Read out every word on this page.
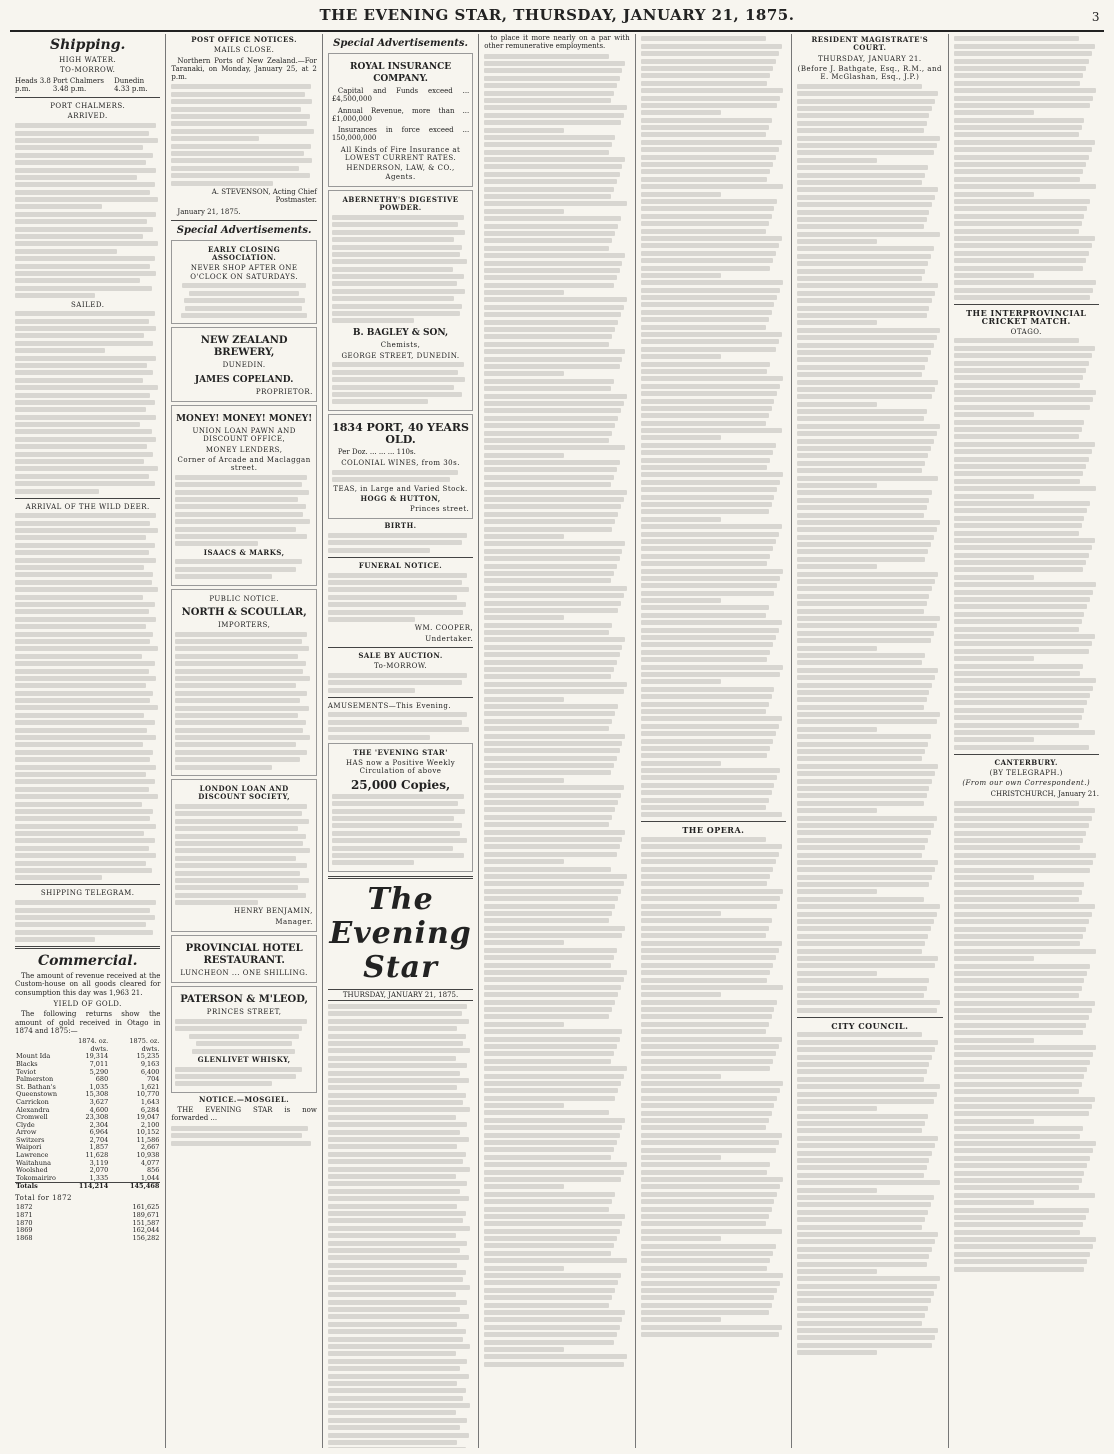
THE EVENING STAR, THURSDAY, JANUARY 21, 1875.	3
Shipping.
HIGH WATER.
TO-MORROW.
Heads 3.8 p.m.
Port Chalmers 3.48 p.m.
Dunedin 4.33 p.m.
PORT CHALMERS.
ARRIVED.
SAILED.
ARRIVAL OF THE WILD DEER.
SHIPPING TELEGRAM.
Commercial.
The amount of revenue received at the Custom-house on all goods cleared for consumption this day was 1,963 21.
YIELD OF GOLD.
The following returns show the amount of gold received in Otago in 1874 and 1875:—
	1874. oz. dwts.	1875. oz. dwts.
Mount Ida	19,314	15,235
Blacks	7,011	9,163
Teviot	5,290	6,400
Palmerston	680	704
St. Bathan's	1,035	1,621
Queenstown	15,308	10,770
Carrickon	3,627	1,643
Alexandra	4,600	6,284
Cromwell	23,308	19,047
Clyde	2,304	2,100
Arrow	6,964	10,152
Switzers	2,704	11,586
Waipori	1,857	2,667
Lawrence	11,628	10,938
Waitahuna	3,119	4,077
Woolshed	2,070	856
Tokomairiro	1,335	1,044
Totals	114,214	145,468
Total for 1872
1872	161,625
1871	189,671
1870	151,587
1869	162,044
1868	156,282
POST OFFICE NOTICES.
MAILS CLOSE.
Northern Ports of New Zealand.—For Taranaki, on Monday, January 25, at 2 p.m.
A. STEVENSON, Acting Chief Postmaster.
January 21, 1875.
Special Advertisements.
EARLY CLOSING ASSOCIATION.
NEVER SHOP AFTER ONE O'CLOCK ON SATURDAYS.
NEW ZEALAND BREWERY,
DUNEDIN.
JAMES COPELAND.
PROPRIETOR.
MONEY! MONEY! MONEY!
UNION LOAN PAWN AND DISCOUNT OFFICE,
MONEY LENDERS,
Corner of Arcade and Maclaggan street.
ISAACS & MARKS,
PUBLIC NOTICE.
NORTH & SCOULLAR,
IMPORTERS,
LONDON LOAN AND DISCOUNT SOCIETY,
HENRY BENJAMIN,
Manager.
PROVINCIAL HOTEL RESTAURANT.
LUNCHEON ... ONE SHILLING.
PATERSON & M'LEOD,
PRINCES STREET,
GLENLIVET WHISKY,
NOTICE.—MOSGIEL.
THE EVENING STAR is now forwarded ...
Special Advertisements.
ROYAL INSURANCE COMPANY.
Capital and Funds exceed ... £4,500,000
Annual Revenue, more than ... £1,000,000
Insurances in force exceed ... 150,000,000
All Kinds of Fire Insurance at LOWEST CURRENT RATES.
HENDERSON, LAW, & CO., Agents.
ABERNETHY'S DIGESTIVE POWDER.
B. BAGLEY & SON,
Chemists,
GEORGE STREET, DUNEDIN.
1834 PORT, 40 YEARS OLD.
Per Doz. ... ... ... 110s.
COLONIAL WINES, from 30s.
TEAS, in Large and Varied Stock.
HOGG & HUTTON,
Princes street.
BIRTH.
FUNERAL NOTICE.
WM. COOPER,
Undertaker.
SALE BY AUCTION.
To-MORROW.
AMUSEMENTS—This Evening.
THE 'EVENING STAR'
HAS now a Positive Weekly Circulation of above
25,000 Copies,
The Evening Star
THURSDAY, JANUARY 21, 1875.
to place it more nearly on a par with other remunerative employments.
THE OPERA.
RESIDENT MAGISTRATE'S COURT.
THURSDAY, JANUARY 21.
(Before J. Bathgate, Esq., R.M., and E. McGlashan, Esq., J.P.)
CITY COUNCIL.
THE INTERPROVINCIAL CRICKET MATCH.
OTAGO.
CANTERBURY.
(BY TELEGRAPH.)
(From our own Correspondent.)
CHRISTCHURCH, January 21.
